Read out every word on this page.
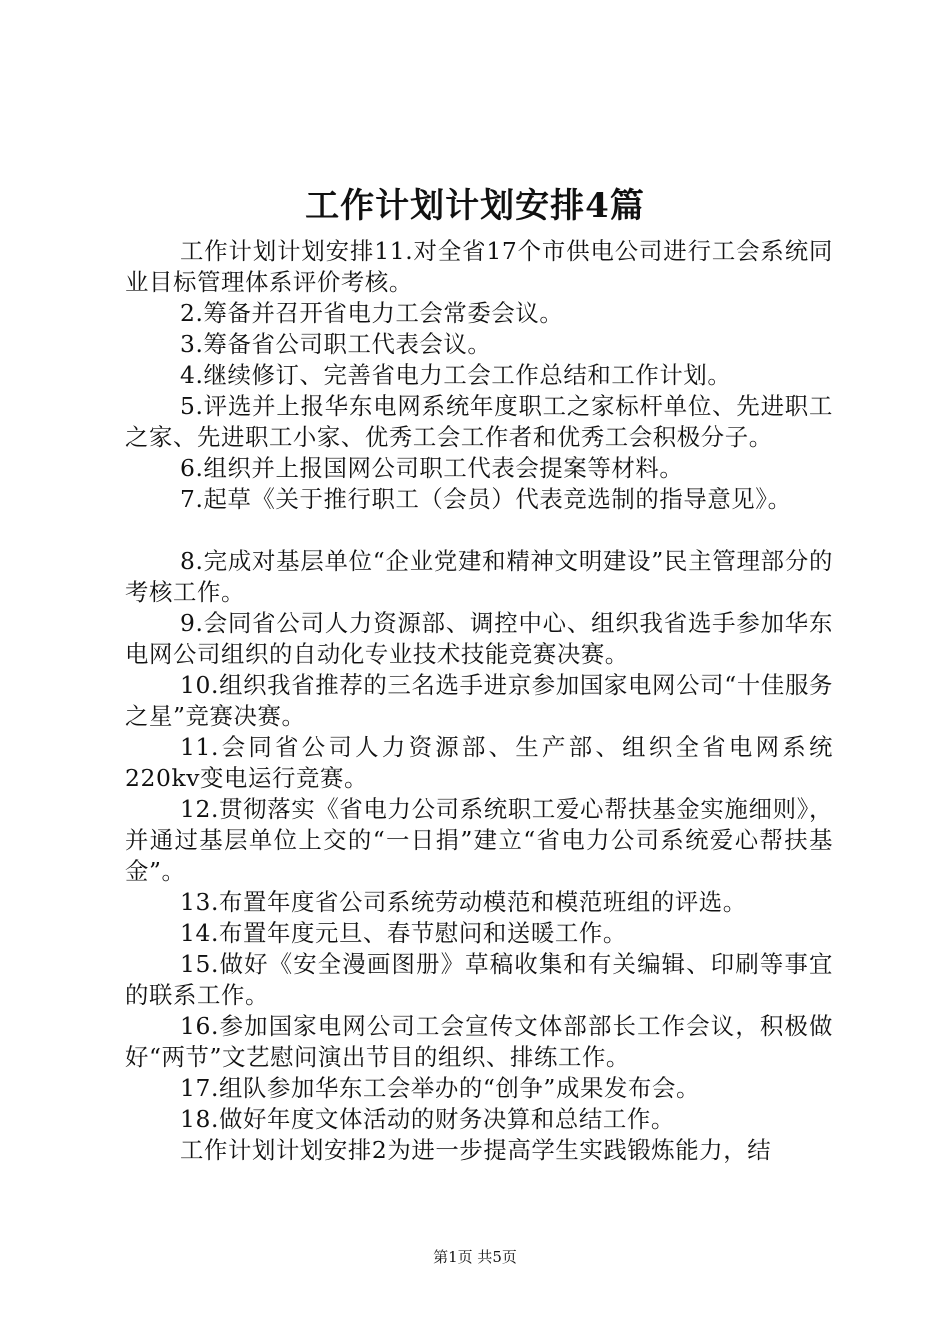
工作计划计划安排4篇

工作计划计划安排11.对全省17个市供电公司进行工会系统同业目标管理体系评价考核。

2.筹备并召开省电力工会常委会议。

3.筹备省公司职工代表会议。

4.继续修订、完善省电力工会工作总结和工作计划。

5.评选并上报华东电网系统年度职工之家标杆单位、先进职工之家、先进职工小家、优秀工会工作者和优秀工会积极分子。

6.组织并上报国网公司职工代表会提案等材料。

7.起草《关于推行职工（会员）代表竞选制的指导意见》。

8.完成对基层单位“企业党建和精神文明建设”民主管理部分的考核工作。

9.会同省公司人力资源部、调控中心、组织我省选手参加华东电网公司组织的自动化专业技术技能竞赛决赛。

10.组织我省推荐的三名选手进京参加国家电网公司“十佳服务之星”竞赛决赛。

11.会同省公司人力资源部、生产部、组织全省电网系统220kv变电运行竞赛。

12.贯彻落实《省电力公司系统职工爱心帮扶基金实施细则》，并通过基层单位上交的“一日捐”建立“省电力公司系统爱心帮扶基金”。

13.布置年度省公司系统劳动模范和模范班组的评选。

14.布置年度元旦、春节慰问和送暖工作。

15.做好《安全漫画图册》草稿收集和有关编辑、印刷等事宜的联系工作。

16.参加国家电网公司工会宣传文体部部长工作会议，积极做好“两节”文艺慰问演出节目的组织、排练工作。

17.组队参加华东工会举办的“创争”成果发布会。

18.做好年度文体活动的财务决算和总结工作。

工作计划计划安排2为进一步提高学生实践锻炼能力，结

第1页 共5页
